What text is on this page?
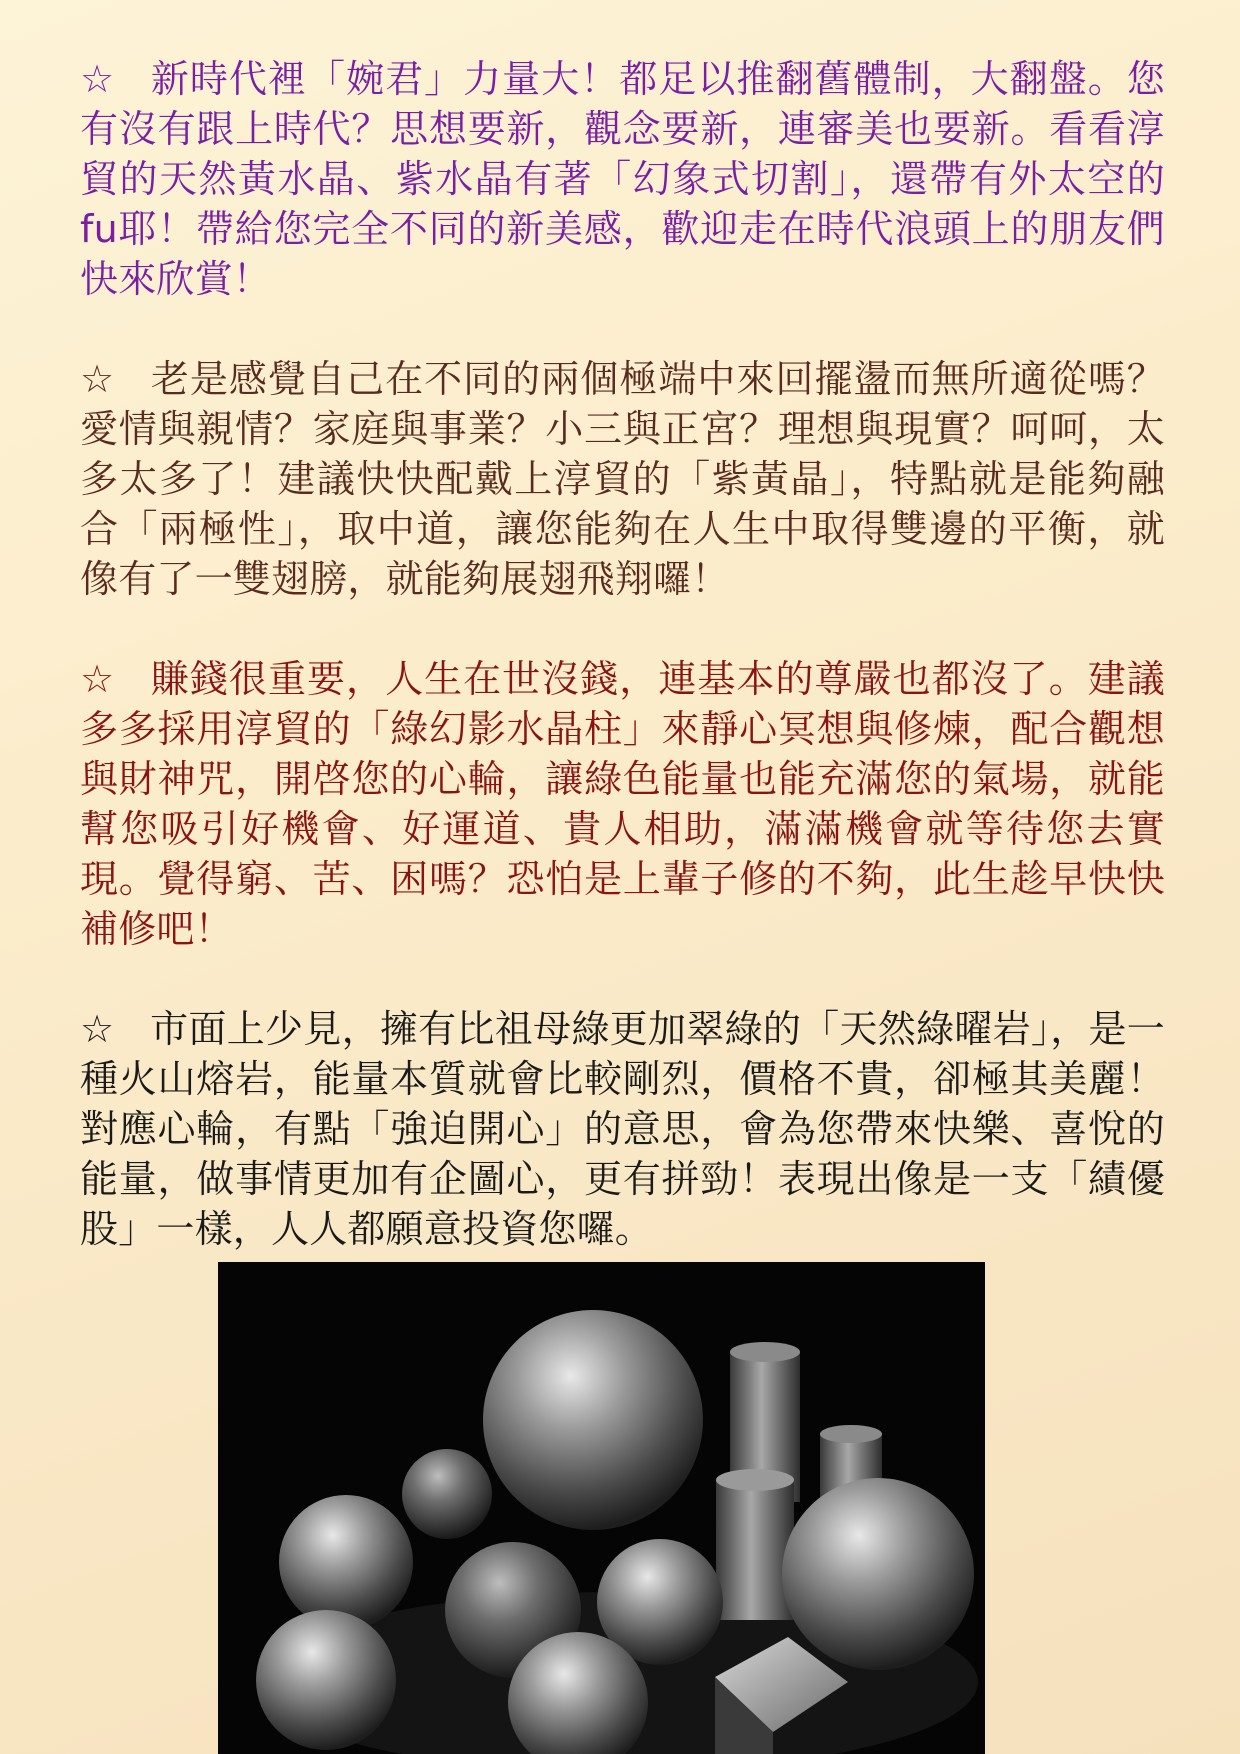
☆ 新時代裡「婉君」力量大！都足以推翻舊體制，大翻盤。您有沒有跟上時代？思想要新，觀念要新，連審美也要新。看看淳貿的天然黃水晶、紫水晶有著「幻象式切割」，還帶有外太空的fu耶！帶給您完全不同的新美感，歡迎走在時代浪頭上的朋友們快來欣賞！
☆ 老是感覺自己在不同的兩個極端中來回擺盪而無所適從嗎？愛情與親情？家庭與事業？小三與正宮？理想與現實？呵呵，太多太多了！建議快快配戴上淳貿的「紫黃晶」，特點就是能夠融合「兩極性」，取中道，讓您能夠在人生中取得雙邊的平衡，就像有了一雙翅膀，就能夠展翅飛翔囉！
☆ 賺錢很重要，人生在世沒錢，連基本的尊嚴也都沒了。建議多多採用淳貿的「綠幻影水晶柱」來靜心冥想與修煉，配合觀想與財神咒，開啓您的心輪，讓綠色能量也能充滿您的氣場，就能幫您吸引好機會、好運道、貴人相助，滿滿機會就等待您去實現。覺得窮、苦、困嗎？恐怕是上輩子修的不夠，此生趁早快快補修吧！
☆ 市面上少見，擁有比祖母綠更加翠綠的「天然綠曜岩」，是一種火山熔岩，能量本質就會比較剛烈，價格不貴，卻極其美麗！對應心輪，有點「強迫開心」的意思，會為您帶來快樂、喜悅的能量，做事情更加有企圖心，更有拼勁！表現出像是一支「績優股」一樣，人人都願意投資您囉。
